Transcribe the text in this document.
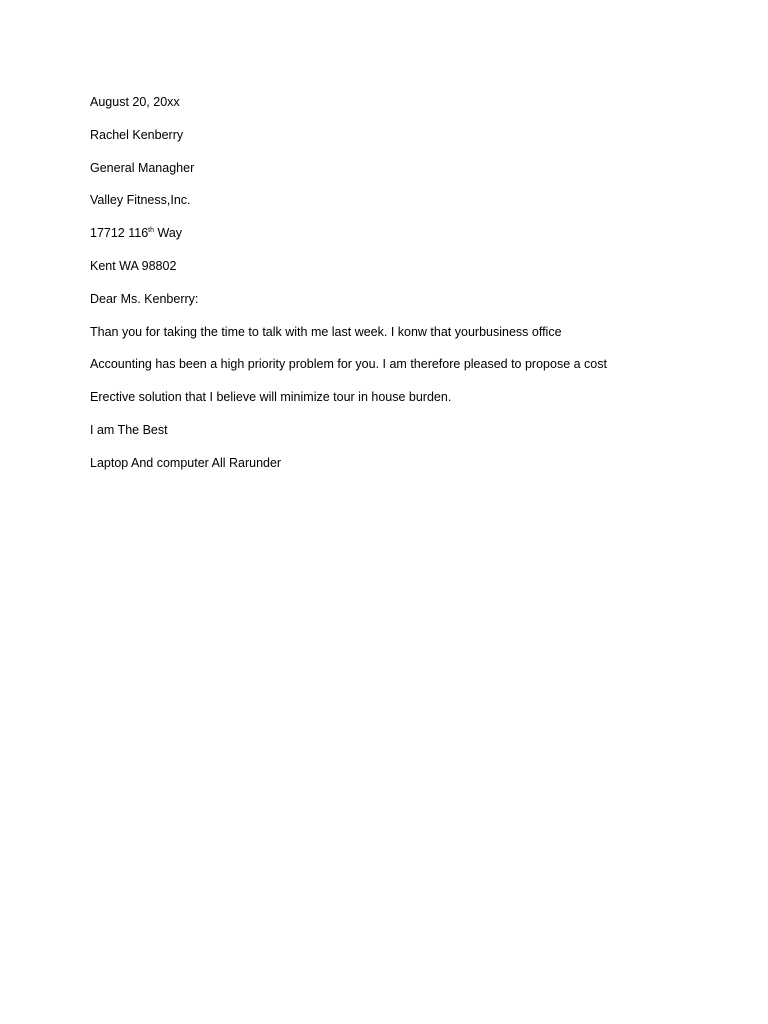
August 20, 20xx
Rachel Kenberry
General Managher
Valley Fitness,Inc.
17712 116th Way
Kent WA 98802
Dear Ms. Kenberry:
Than you for taking the time to talk with me last week. I konw that yourbusiness office
Accounting has been a high priority problem for you. I am therefore pleased to propose a cost
Erective solution that I believe will minimize tour in house burden.
I am The Best
Laptop And computer All Rarunder
